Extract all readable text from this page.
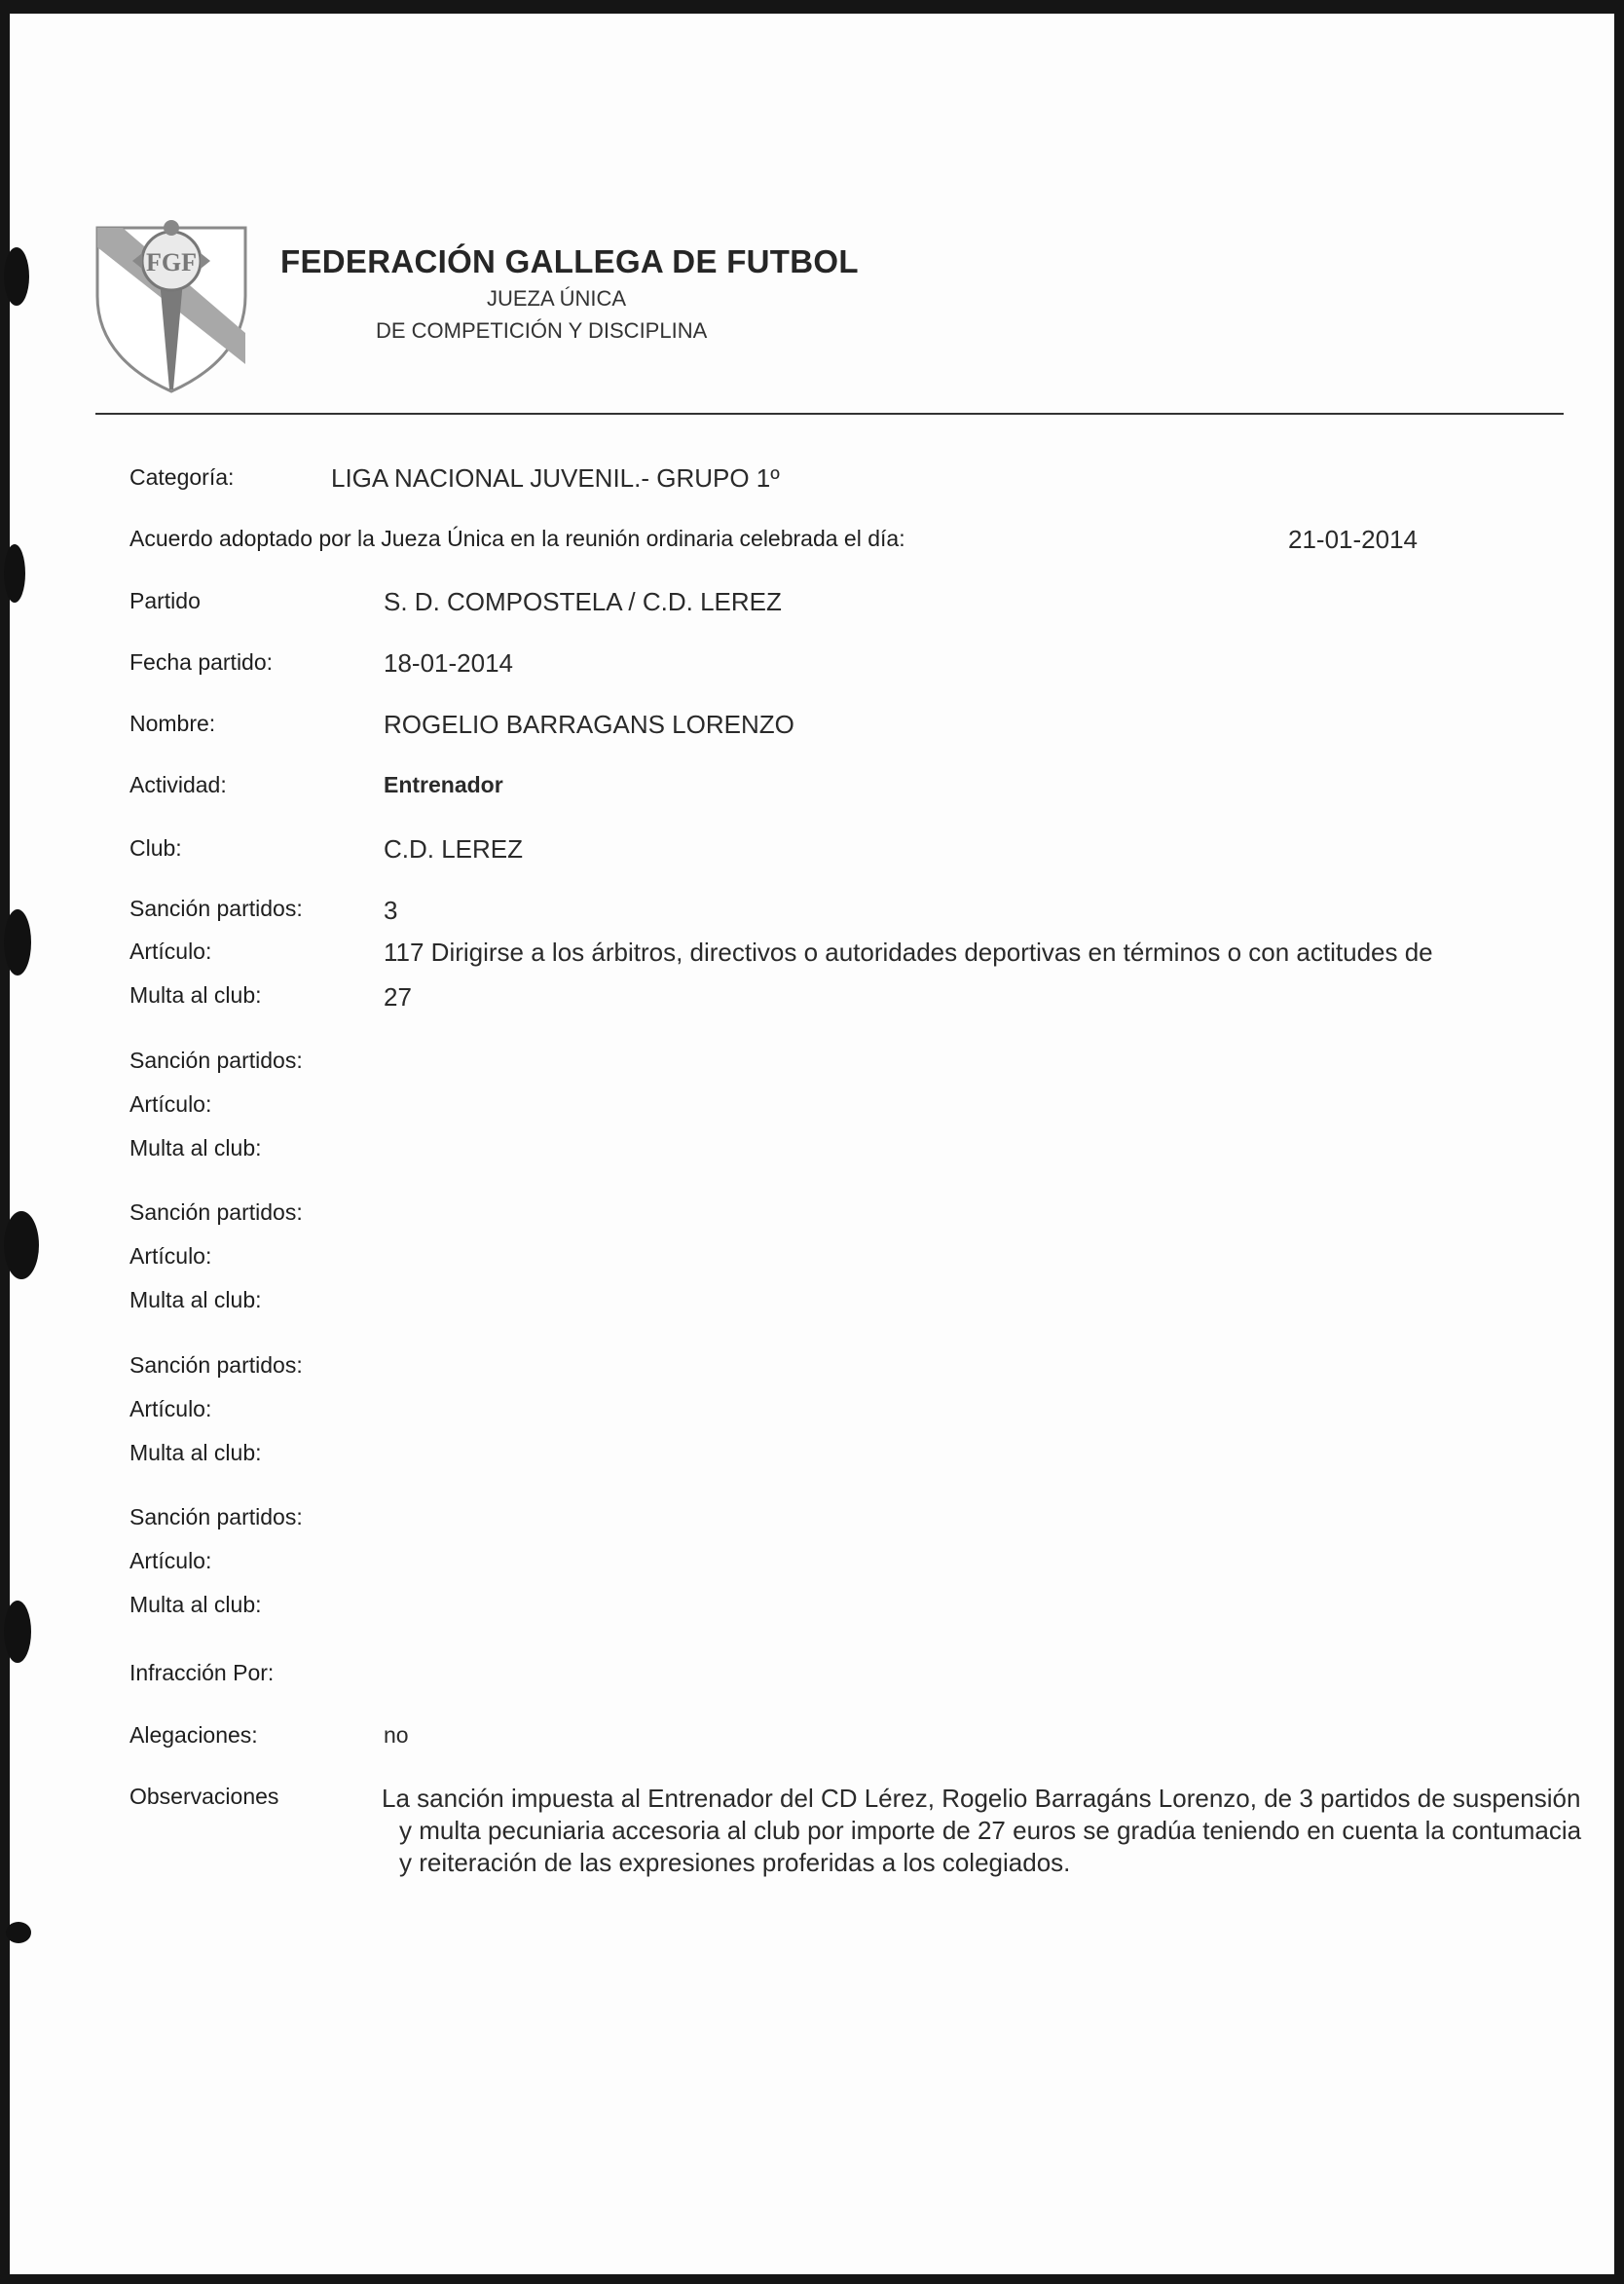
FGF	FEDERACIÓN GALLEGA DE FUTBOL
JUEZA ÚNICA
DE COMPETICIÓN Y DISCIPLINA
Categoría:	LIGA NACIONAL JUVENIL.- GRUPO 1º
Acuerdo adoptado por la Jueza Única en la reunión ordinaria celebrada el día:	21-01-2014
Partido	S. D. COMPOSTELA / C.D. LEREZ
Fecha partido:	18-01-2014
Nombre:	ROGELIO BARRAGANS LORENZO
Actividad:	Entrenador
Club:	C.D. LEREZ
Sanción partidos:	3
Artículo:	117 Dirigirse a los árbitros, directivos o autoridades deportivas en términos o con actitudes de
Multa al club:	27
Sanción partidos:
Artículo:
Multa al club:
Sanción partidos:
Artículo:
Multa al club:
Sanción partidos:
Artículo:
Multa al club:
Sanción partidos:
Artículo:
Multa al club:
Infracción Por:
Alegaciones:	no
Observaciones	La sanción impuesta al Entrenador del CD Lérez, Rogelio Barragáns Lorenzo, de 3 partidos de suspensión y multa pecuniaria accesoria al club por importe de 27 euros se gradúa teniendo en cuenta la contumacia y reiteración de las expresiones proferidas a los colegiados.
